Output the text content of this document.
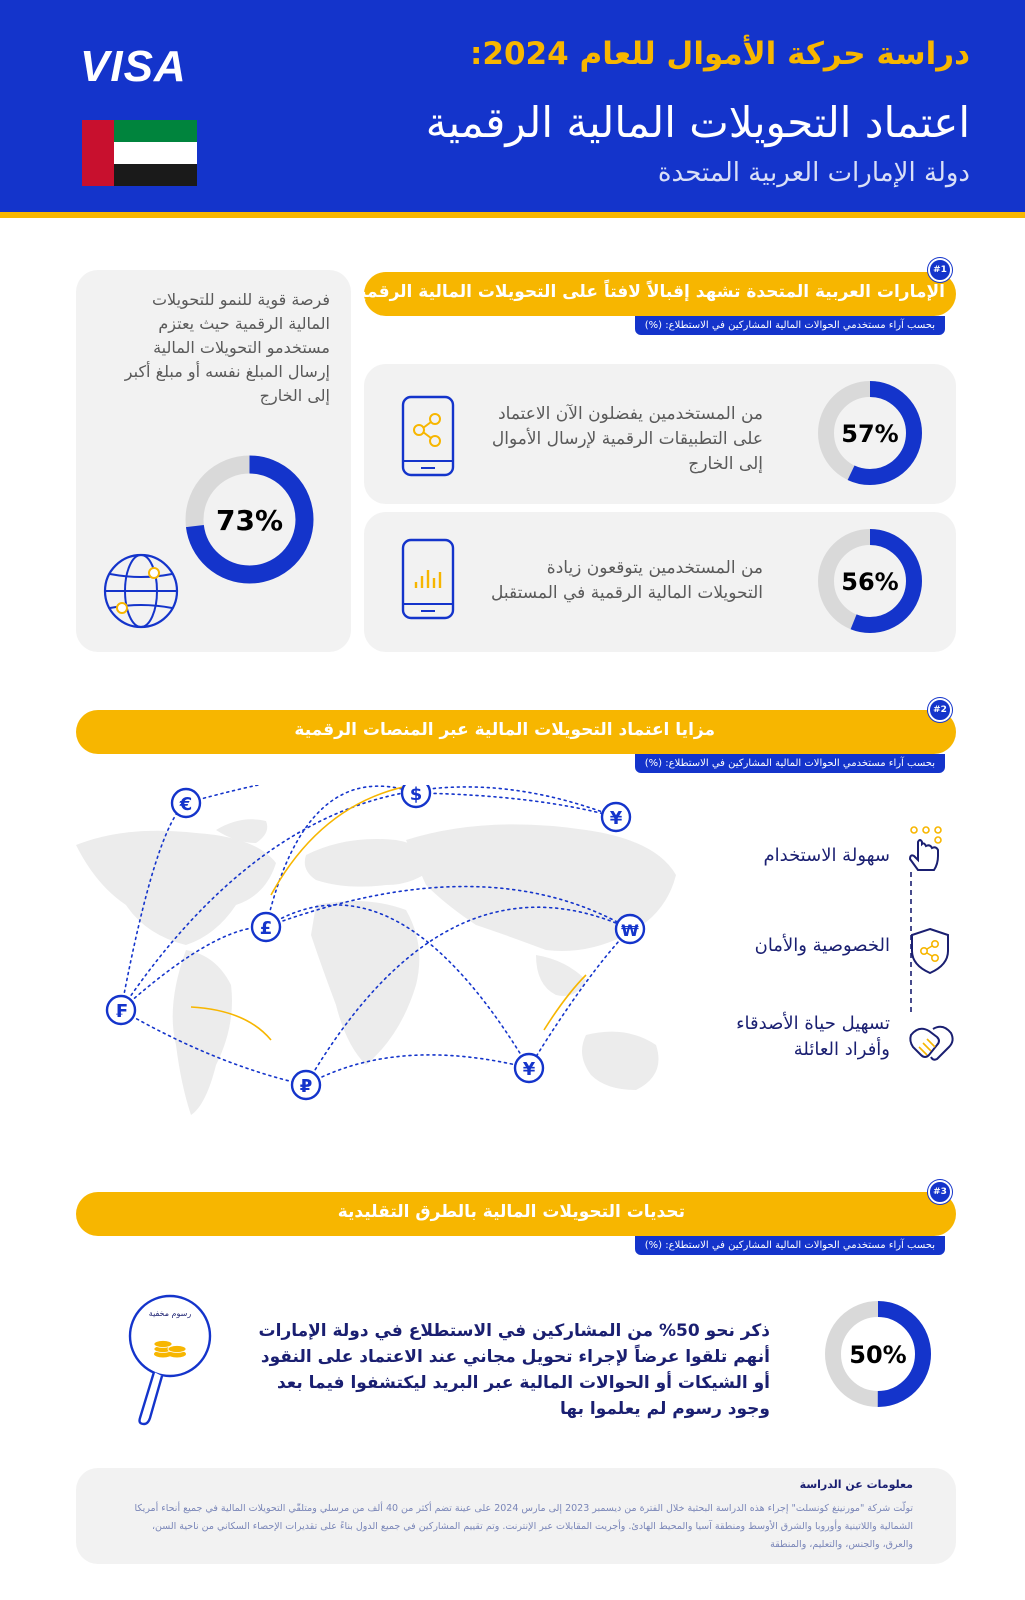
VISA	دراسة حركة الأموال للعام 2024:
اعتماد التحويلات المالية الرقمية
دولة الإمارات العربية المتحدة
فرصة قوية للنمو للتحويلات المالية الرقمية حيث يعتزم مستخدمو التحويلات المالية إرسال المبلغ نفسه أو مبلغ أكبر إلى الخارج
73%
الإمارات العربية المتحدة تشهد إقبالاً لافتاً على التحويلات المالية الرقمية
#1
بحسب آراء مستخدمي الحوالات المالية المشاركين في الاستطلاع: (%)
57%
من المستخدمين يفضلون الآن الاعتماد على التطبيقات الرقمية لإرسال الأموال إلى الخارج
56%
من المستخدمين يتوقعون زيادة التحويلات المالية الرقمية في المستقبل
مزايا اعتماد التحويلات المالية عبر المنصات الرقمية
#2
بحسب آراء مستخدمي الحوالات المالية المشاركين في الاستطلاع: (%)
€	$
¥
£	₩
₣
₽
¥
سهولة الاستخدام
الخصوصية والأمان
تسهيل حياة الأصدقاء وأفراد العائلة
تحديات التحويلات المالية بالطرق التقليدية
#3
بحسب آراء مستخدمي الحوالات المالية المشاركين في الاستطلاع: (%)
50%
ذكر نحو 50% من المشاركين في الاستطلاع في دولة الإمارات أنهم تلقوا عرضاً لإجراء تحويل مجاني عند الاعتماد على النقود أو الشيكات أو الحوالات المالية عبر البريد ليكتشفوا فيما بعد وجود رسوم لم يعلموا بها
رسوم مخفية
معلومات عن الدراسة
تولّت شركة "مورنينغ كونسلت" إجراء هذه الدراسة البحثية خلال الفترة من ديسمبر 2023 إلى مارس 2024 على عينة تضم أكثر من 40 ألف من مرسلي ومتلقّي التحويلات المالية في جميع أنحاء أمريكا الشمالية واللاتينية وأوروبا والشرق الأوسط ومنطقة آسيا والمحيط الهادئ. وأجريت المقابلات عبر الإنترنت. وتم تقييم المشاركين في جميع الدول بناءً على تقديرات الإحصاء السكاني من ناحية السن، والعرق، والجنس، والتعليم، والمنطقة
